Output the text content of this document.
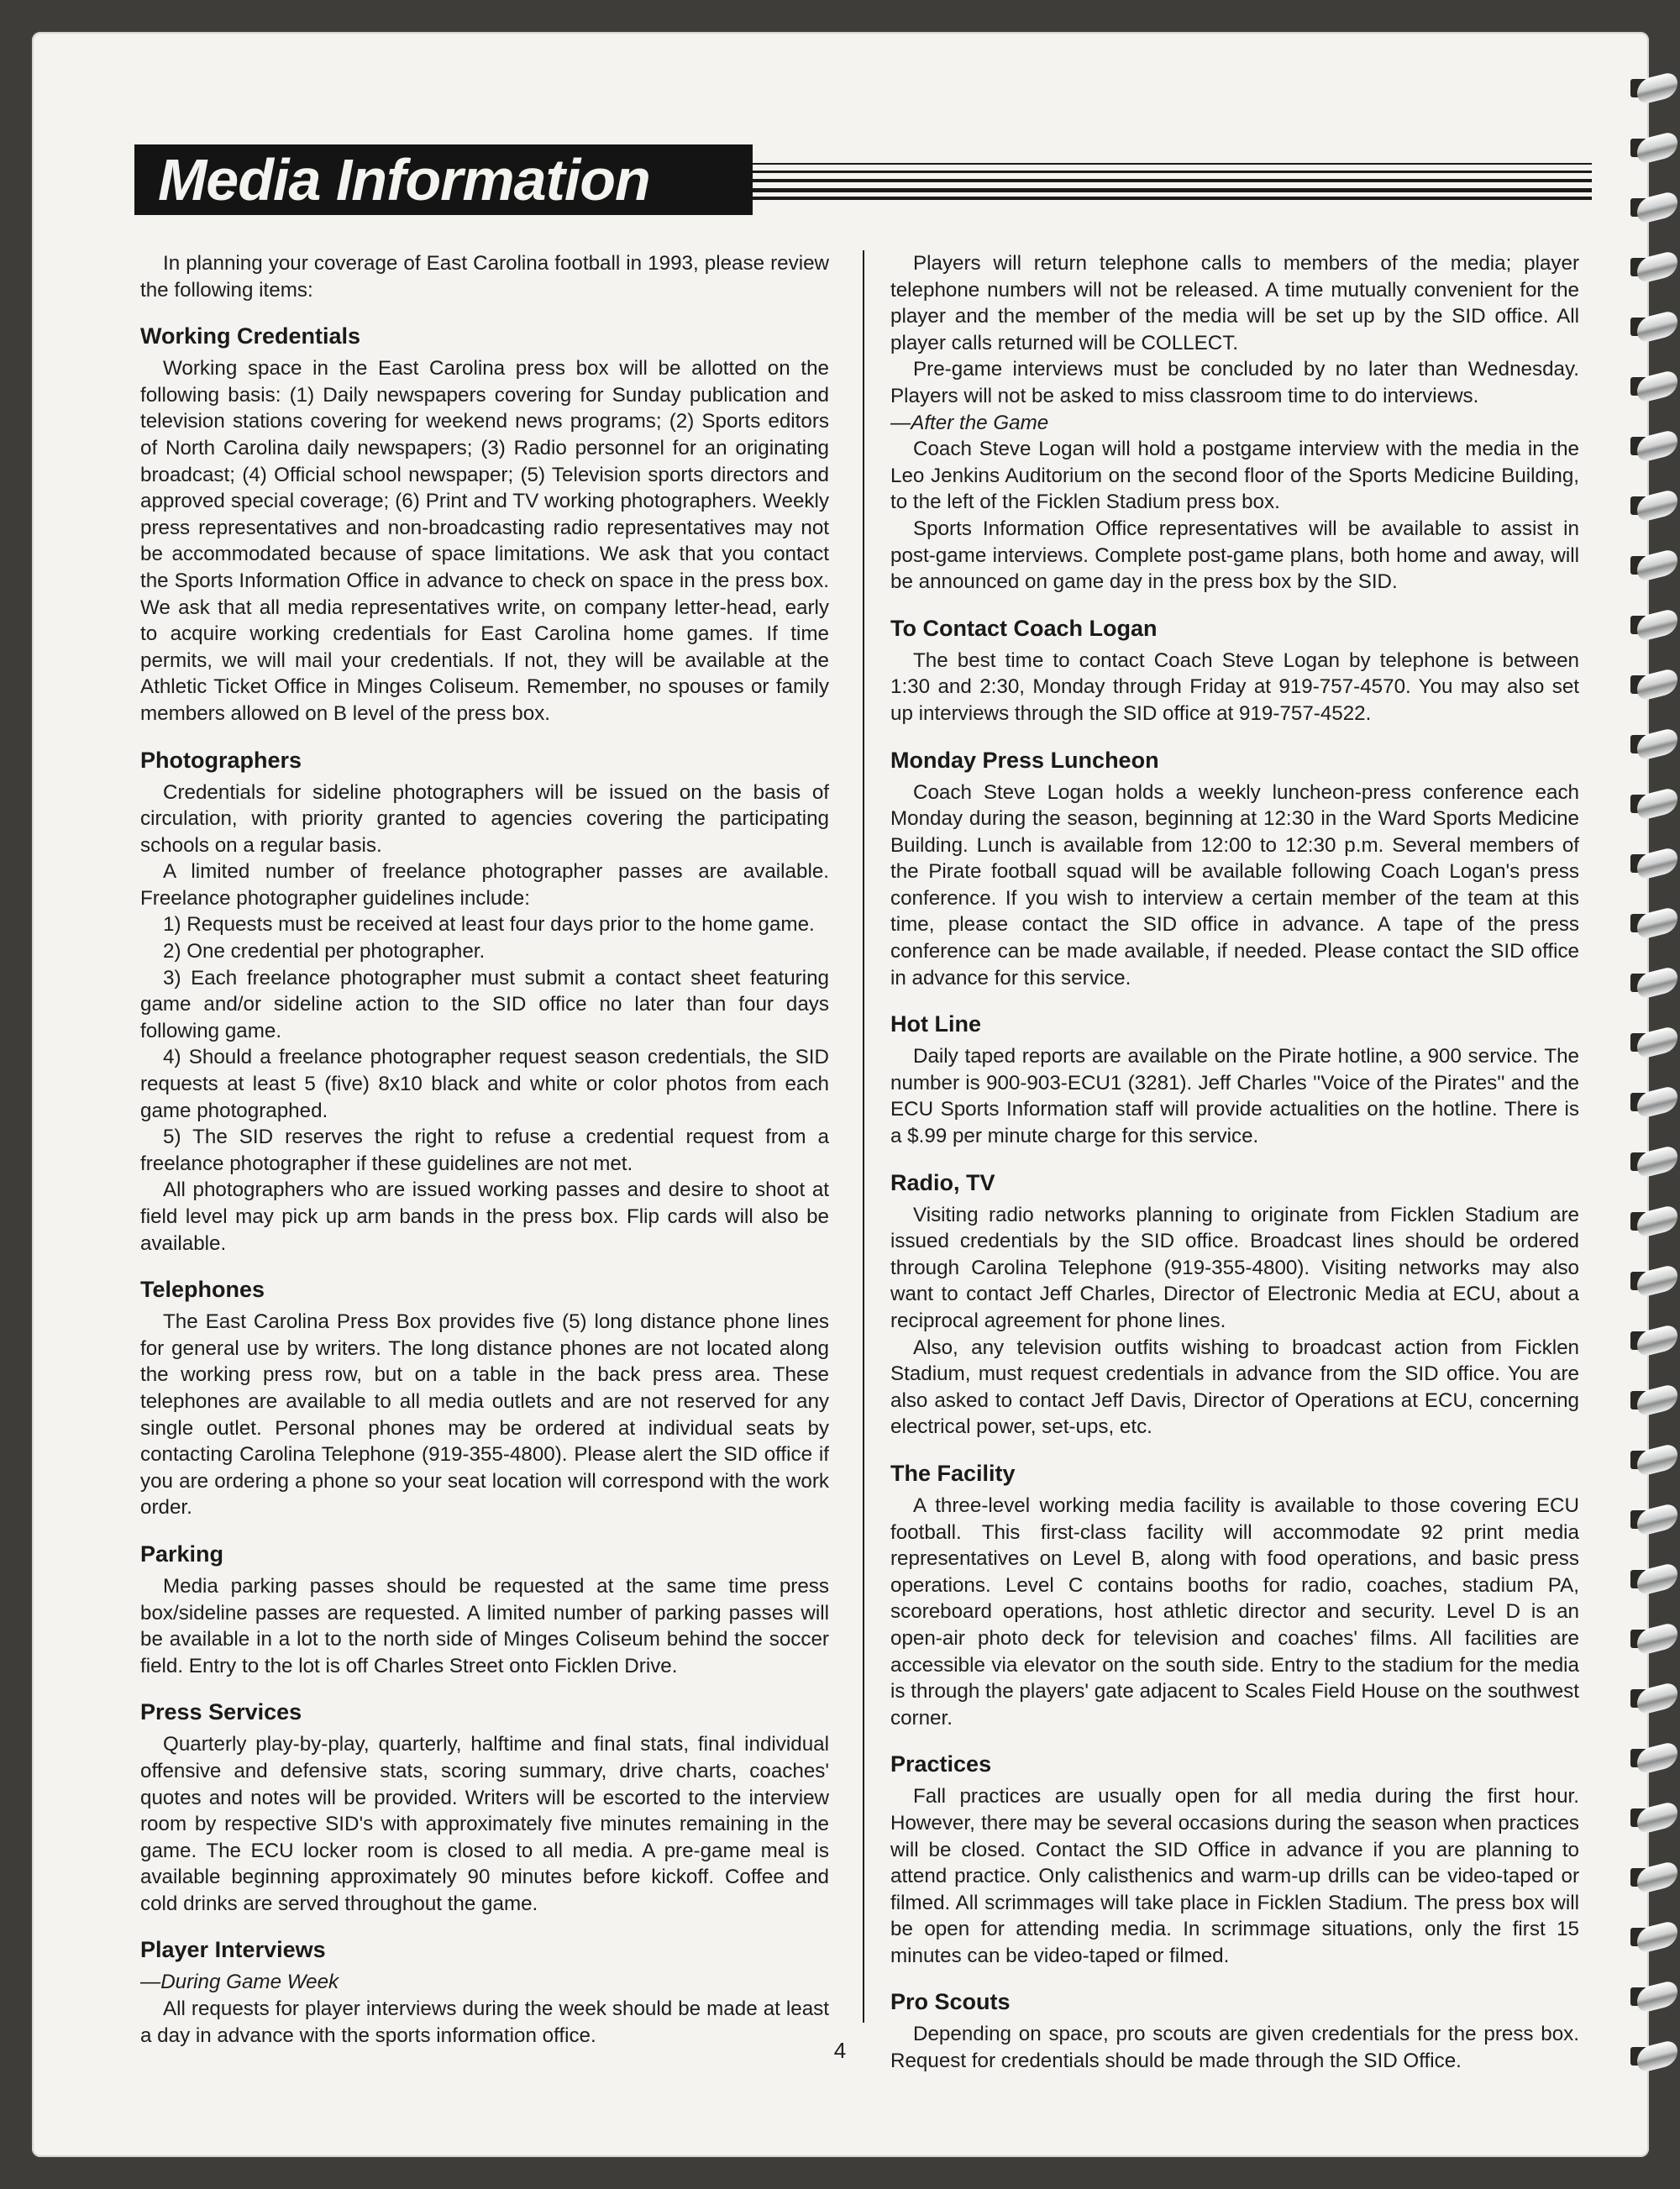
Media Information

In planning your coverage of East Carolina football in 1993, please review the following items:

Working Credentials

Working space in the East Carolina press box will be allotted on the following basis: (1) Daily newspapers covering for Sunday publication and television stations covering for weekend news programs; (2) Sports editors of North Carolina daily newspapers; (3) Radio personnel for an originating broadcast; (4) Official school newspaper; (5) Television sports directors and approved special coverage; (6) Print and TV working photographers. Weekly press representatives and non-broadcasting radio representatives may not be accommodated because of space limitations. We ask that you contact the Sports Information Office in advance to check on space in the press box. We ask that all media representatives write, on company letter-head, early to acquire working credentials for East Carolina home games. If time permits, we will mail your credentials. If not, they will be available at the Athletic Ticket Office in Minges Coliseum. Remember, no spouses or family members allowed on B level of the press box.

Photographers

Credentials for sideline photographers will be issued on the basis of circulation, with priority granted to agencies covering the participating schools on a regular basis.

A limited number of freelance photographer passes are available. Freelance photographer guidelines include:

1) Requests must be received at least four days prior to the home game.

2) One credential per photographer.

3) Each freelance photographer must submit a contact sheet featuring game and/or sideline action to the SID office no later than four days following game.

4) Should a freelance photographer request season credentials, the SID requests at least 5 (five) 8x10 black and white or color photos from each game photographed.

5) The SID reserves the right to refuse a credential request from a freelance photographer if these guidelines are not met.

All photographers who are issued working passes and desire to shoot at field level may pick up arm bands in the press box. Flip cards will also be available.

Telephones

The East Carolina Press Box provides five (5) long distance phone lines for general use by writers. The long distance phones are not located along the working press row, but on a table in the back press area. These telephones are available to all media outlets and are not reserved for any single outlet. Personal phones may be ordered at individual seats by contacting Carolina Telephone (919-355-4800). Please alert the SID office if you are ordering a phone so your seat location will correspond with the work order.

Parking

Media parking passes should be requested at the same time press box/sideline passes are requested. A limited number of parking passes will be available in a lot to the north side of Minges Coliseum behind the soccer field. Entry to the lot is off Charles Street onto Ficklen Drive.

Press Services

Quarterly play-by-play, quarterly, halftime and final stats, final individual offensive and defensive stats, scoring summary, drive charts, coaches' quotes and notes will be provided. Writers will be escorted to the interview room by respective SID's with approximately five minutes remaining in the game. The ECU locker room is closed to all media. A pre-game meal is available beginning approximately 90 minutes before kickoff. Coffee and cold drinks are served throughout the game.

Player Interviews

—During Game Week

All requests for player interviews during the week should be made at least a day in advance with the sports information office.

Players will return telephone calls to members of the media; player telephone numbers will not be released. A time mutually convenient for the player and the member of the media will be set up by the SID office. All player calls returned will be COLLECT.

Pre-game interviews must be concluded by no later than Wednesday. Players will not be asked to miss classroom time to do interviews.

—After the Game

Coach Steve Logan will hold a postgame interview with the media in the Leo Jenkins Auditorium on the second floor of the Sports Medicine Building, to the left of the Ficklen Stadium press box.

Sports Information Office representatives will be available to assist in post-game interviews. Complete post-game plans, both home and away, will be announced on game day in the press box by the SID.

To Contact Coach Logan

The best time to contact Coach Steve Logan by telephone is between 1:30 and 2:30, Monday through Friday at 919-757-4570. You may also set up interviews through the SID office at 919-757-4522.

Monday Press Luncheon

Coach Steve Logan holds a weekly luncheon-press conference each Monday during the season, beginning at 12:30 in the Ward Sports Medicine Building. Lunch is available from 12:00 to 12:30 p.m. Several members of the Pirate football squad will be available following Coach Logan's press conference. If you wish to interview a certain member of the team at this time, please contact the SID office in advance. A tape of the press conference can be made available, if needed. Please contact the SID office in advance for this service.

Hot Line

Daily taped reports are available on the Pirate hotline, a 900 service. The number is 900-903-ECU1 (3281). Jeff Charles ''Voice of the Pirates'' and the ECU Sports Information staff will provide actualities on the hotline. There is a $.99 per minute charge for this service.

Radio, TV

Visiting radio networks planning to originate from Ficklen Stadium are issued credentials by the SID office. Broadcast lines should be ordered through Carolina Telephone (919-355-4800). Visiting networks may also want to contact Jeff Charles, Director of Electronic Media at ECU, about a reciprocal agreement for phone lines.

Also, any television outfits wishing to broadcast action from Ficklen Stadium, must request credentials in advance from the SID office. You are also asked to contact Jeff Davis, Director of Operations at ECU, concerning electrical power, set-ups, etc.

The Facility

A three-level working media facility is available to those covering ECU football. This first-class facility will accommodate 92 print media representatives on Level B, along with food operations, and basic press operations. Level C contains booths for radio, coaches, stadium PA, scoreboard operations, host athletic director and security. Level D is an open-air photo deck for television and coaches' films. All facilities are accessible via elevator on the south side. Entry to the stadium for the media is through the players' gate adjacent to Scales Field House on the southwest corner.

Practices

Fall practices are usually open for all media during the first hour. However, there may be several occasions during the season when practices will be closed. Contact the SID Office in advance if you are planning to attend practice. Only calisthenics and warm-up drills can be video-taped or filmed. All scrimmages will take place in Ficklen Stadium. The press box will be open for attending media. In scrimmage situations, only the first 15 minutes can be video-taped or filmed.

Pro Scouts

Depending on space, pro scouts are given credentials for the press box. Request for credentials should be made through the SID Office.

4
